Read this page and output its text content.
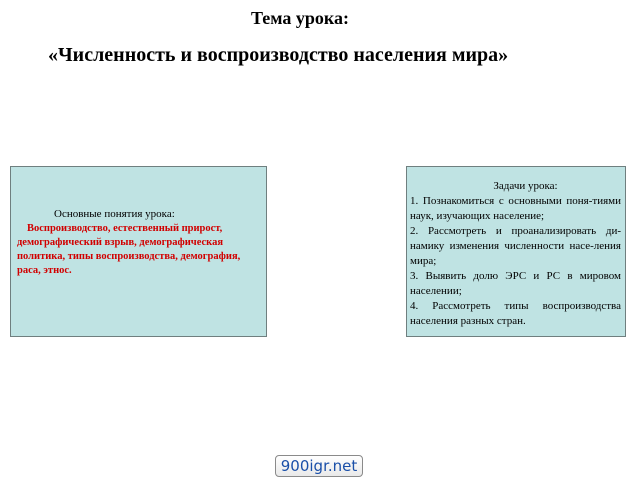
Тема урока:
«Численность и воспроизводство населения мира»
Основные понятия урока:
Воспроизводство, естественный прирост, демографический взрыв, демографическая политика, типы воспроизводства, демография, раса, этнос.
Задачи урока:
1. Познакомиться с основными поня-тиями наук, изучающих население;
2. Рассмотреть и проанализировать ди- намику изменения численности насе-ления мира;
3. Выявить долю ЭРС и РС в мировом населении;
4. Рассмотреть типы воспроизводства населения разных стран.
900igr.net
